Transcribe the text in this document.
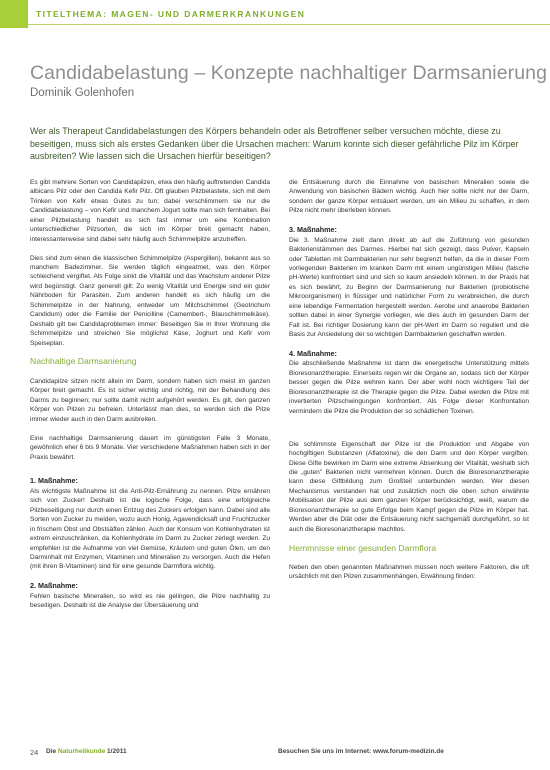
TITELTHEMA: MAGEN- UND DARMERKRANKUNGEN
Candidabelastung – Konzepte nachhaltiger Darmsanierung
Dominik Golenhofen

Wer als Therapeut Candidabelastungen des Körpers behandeln oder als Betroffener selber versuchen möchte, diese zu beseitigen, muss sich als erstes Gedanken über die Ursachen machen: Warum konnte sich dieser gefährliche Pilz im Körper ausbreiten? Wie lassen sich die Ursachen hierfür beseitigen?

Es gibt mehrere Sorten von Candidapilzen, etwa den häufig auftretenden Candida albicans Pilz oder den Candida Kefir Pilz. Oft glauben Pilzbelastete, sich mit dem Trinken von Kefir etwas Gutes zu tun; dabei verschlimmern sie nur die Candidabelastung – von Kefir und manchem Jogurt sollte man sich fernhalten. Bei einer Pilzbelastung handelt es sich fast immer um eine Kombination unterschiedlicher Pilzsorten, die sich im Körper breit gemacht haben, interessanterweise sind dabei sehr häufig auch Schimmelpilze anzutreffen.

Dies sind zum einen die klassischen Schimmelpilze (Aspergillen), bekannt aus so manchem Badezimmer. Sie werden täglich eingeatmet, was den Körper schleichend vergiftet. Als Folge sinkt die Vitalität und das Wachstum anderer Pilze wird begünstigt. Ganz generell gilt: Zu wenig Vitalität und Energie sind ein guter Nährboden für Parasiten. Zum anderen handelt es sich häufig um die Schimmelpilze in der Nahrung, entweder um Milchschimmel (Geotrichum Candidum) oder die Familie der Penicilline (Camembert-, Blauschimmelkäse). Deshalb gilt bei Candidaproblemen immer: Beseitigen Sie in Ihrer Wohnung die Schimmelpilze und streichen Sie möglichst Käse, Joghurt und Kefir vom Speiseplan.

Nachhaltige Darmsanierung

Candidapilze sitzen nicht allein im Darm, sondern haben sich meist im ganzen Körper breit gemacht. Es ist sicher wichtig und richtig, mit der Behandlung des Darms zu beginnen; nur sollte damit nicht aufgehört werden. Es gilt, den ganzen Körper von Pilzen zu befreien. Unterlässt man dies, so werden sich die Pilze immer wieder auch in den Darm ausbreiten.

Eine nachhaltige Darmsanierung dauert im günstigsten Falle 3 Monate, gewöhnlich eher 6 bis 9 Monate. Vier verschiedene Maßnahmen haben sich in der Praxis bewährt.

1. Maßnahme:

Als wichtigste Maßnahme ist die Anti-Pilz-Ernährung zu nennen. Pilze ernähren sich von Zucker! Deshalb ist die logische Folge, dass eine erfolgreiche Pilzbeseitigung nur durch einen Entzug des Zuckers erfolgen kann. Dabei sind alle Sorten von Zucker zu meiden, wozu auch Honig, Agavendicksaft und Fruchtzucker in frischem Obst und Obstsäften zählen. Auch der Konsum von Kohlenhydraten ist extrem einzuschränken, da Kohlenhydrate im Darm zu Zucker zerlegt werden. Zu empfehlen ist die Aufnahme von viel Gemüse, Kräutern und guten Ölen, um den Darminhalt mit Enzymen, Vitaminen und Mineralien zu versorgen. Auch die Hefen (mit ihren B-Vitaminen) sind für eine gesunde Darmflora wichtig.

2. Maßnahme:

Fehlen basische Mineralien, so wird es nie gelingen, die Pilze nachhaltig zu beseitigen. Deshalb ist die Analyse der Übersäuerung und

die Entsäuerung durch die Einnahme von basischen Mineralien sowie die Anwendung von basischen Bädern wichtig. Auch hier sollte nicht nur der Darm, sondern der ganze Körper entsäuert werden, um ein Milieu zu schaffen, in dem Pilze nicht mehr überleben können.

3. Maßnahme:

Die 3. Maßnahme zielt dann direkt ab auf die Zuführung von gesunden Bakterienstämmen des Darmes. Hierbei hat sich gezeigt, dass Pulver, Kapseln oder Tabletten mit Darmbakterien nur sehr begrenzt helfen, da die in dieser Form vorliegenden Bakterien im kranken Darm mit einem ungünstigen Milieu (falsche pH-Werte) konfrontiert sind und sich so kaum ansiedeln können. In der Praxis hat es sich bewährt, zu Beginn der Darmsanierung nur Bakterien (probiotische Mikroorganismen) in flüssiger und natürlicher Form zu verabreichen, die durch eine lebendige Fermentation hergestellt werden. Aerobe und anaerobe Bakterien sollten dabei in einer Synergie vorliegen, wie dies auch im gesunden Darm der Fall ist. Bei richtiger Dosierung kann der pH-Wert im Darm so reguliert und die Basis zur Ansiedelung der so wichtigen Darmbakterien geschaffen werden.

4. Maßnahme:

Die abschließende Maßnahme ist dann die energetische Unterstützung mittels Bioresonanztherapie. Einerseits regen wir die Organe an, sodass sich der Körper besser gegen die Pilze wehren kann. Der aber wohl noch wichtigere Teil der Bioresonanztherapie ist die Therapie gegen die Pilze. Dabei werden die Pilze mit invertierten Pilzschwingungen konfrontiert. Als Folge dieser Konfrontation vermindern die Pilze die Produktion der so schädlichen Toxinen.

Die schlimmste Eigenschaft der Pilze ist die Produktion und Abgabe von hochgiftigen Substanzen (Aflatoxine), die den Darm und den Körper vergiften. Diese Gifte bewirken im Darm eine extreme Absenkung der Vitalität, weshalb sich die „guten" Bakterien nicht vermehren können. Durch die Bioresonanztherapie kann diese Giftbildung zum Großteil unterbunden werden. Wer diesen Mechanismus verstanden hat und zusätzlich noch die oben schon erwähnte Mobilisation der Pilze aus dem ganzen Körper berücksichtigt, weiß, warum die Bioresonanztherapie so gute Erfolge beim Kampf gegen die Pilze im Körper hat. Werden aber die Diät oder die Entsäuerung nicht sachgemäß durchgeführt, so ist auch die Bioresonanztherapie machtlos.

Hemmnisse einer gesunden Darmflora

Neben den oben genannten Maßnahmen müssen noch weitere Faktoren, die oft ursächlich mit den Pilzen zusammenhängen, Erwähnung finden:

24 Die Naturheilkunde 1/2011	Besuchen Sie uns im Internet: www.forum-medizin.de
